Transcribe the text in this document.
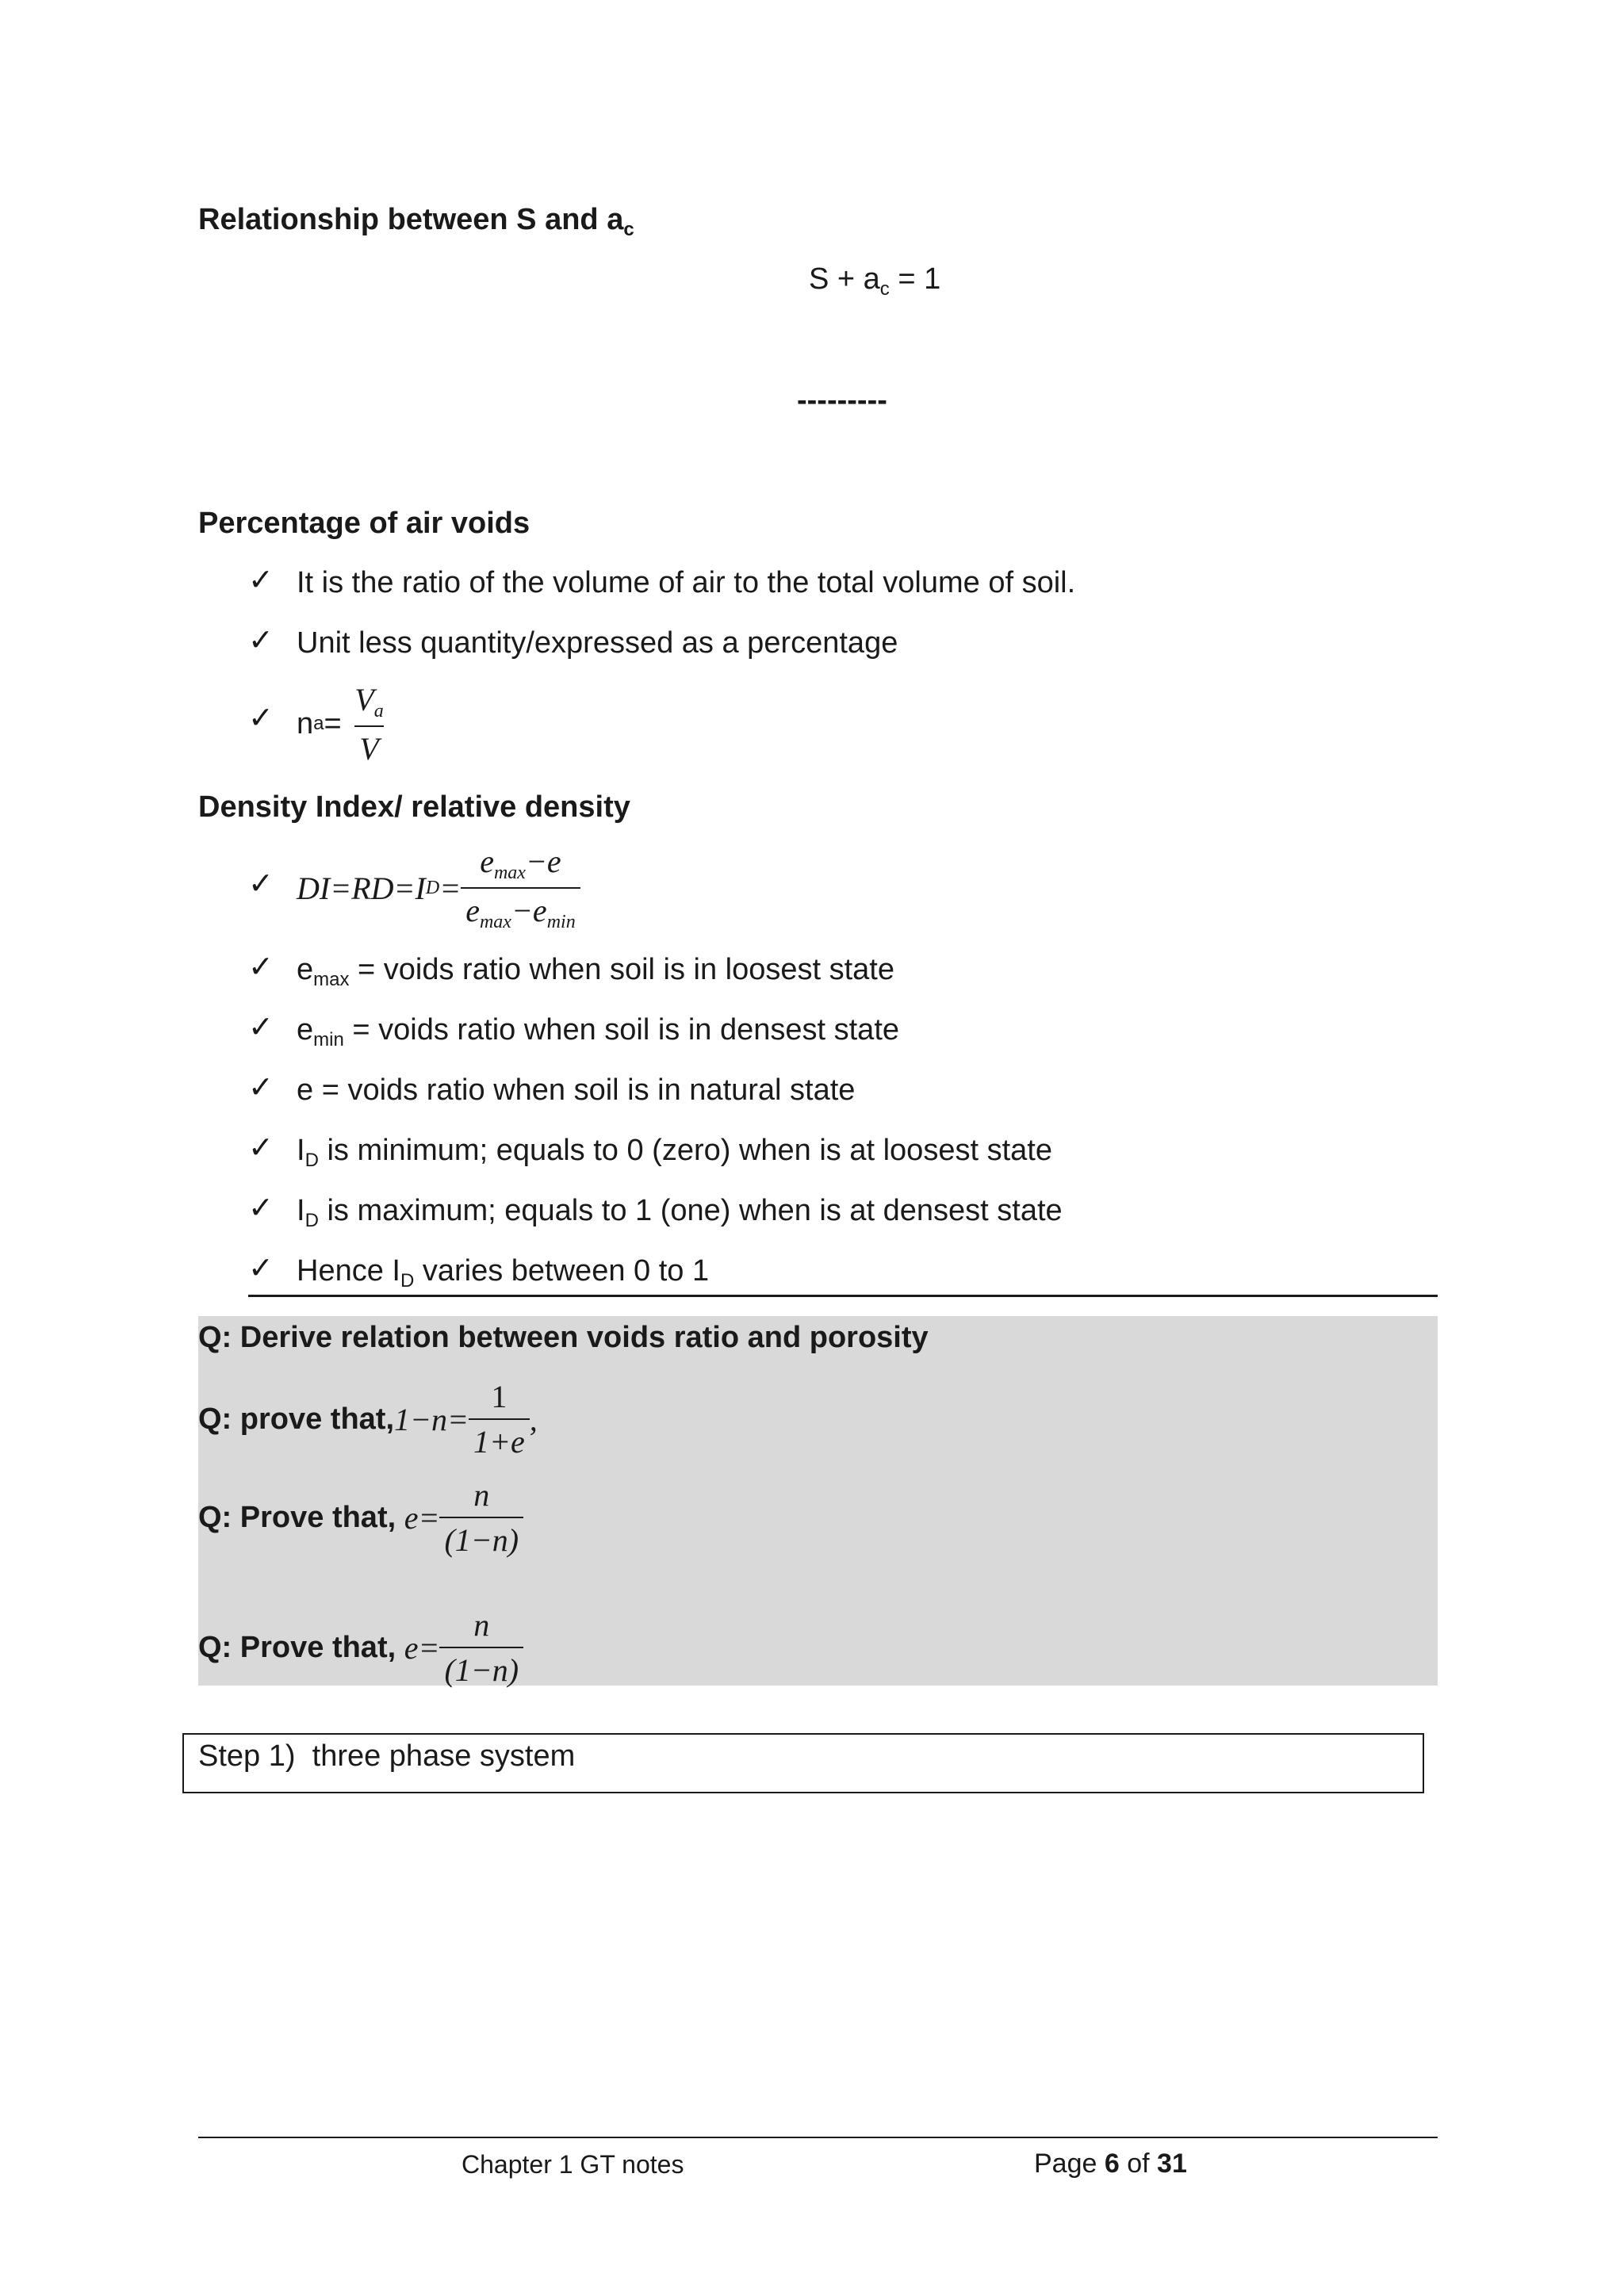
Relationship between S and $a_c$
$S + a_c = 1$
---------
Percentage of air voids
✓ It is the ratio of the volume of air to the total volume of soil.
✓ Unit less quantity/expressed as a percentage
✓ n a =
$\frac{V_a}{V}$
Density Index/ relative density
✓ DI=RD=I $D = \frac{e_{max}-e}{e_{max}-e_{min}}$
✓ $e_{max}$ = voids ratio when soil is in loosest state
✓ $e_{min}$ = voids ratio when soil is in densest state
✓ e = voids ratio when soil is in natural state
✓ $I_D$ is minimum; equals to 0 (zero) when is at loosest state
✓ $I_D$ is maximum; equals to 1 (one) when is at densest state
✓ Hence $I_D$ varies between 0 to 1
Q: Derive relation between voids ratio and porosity
Q: prove that, $1-n= \frac{1}{1+e}$ ,
Q: Prove that, $e= \frac{n}{(1-n)}$
Q: Prove that, $e= \frac{n}{(1-n)}$
Step 1)  three phase system
Chapter 1 GT notes	Page 6 of 31
